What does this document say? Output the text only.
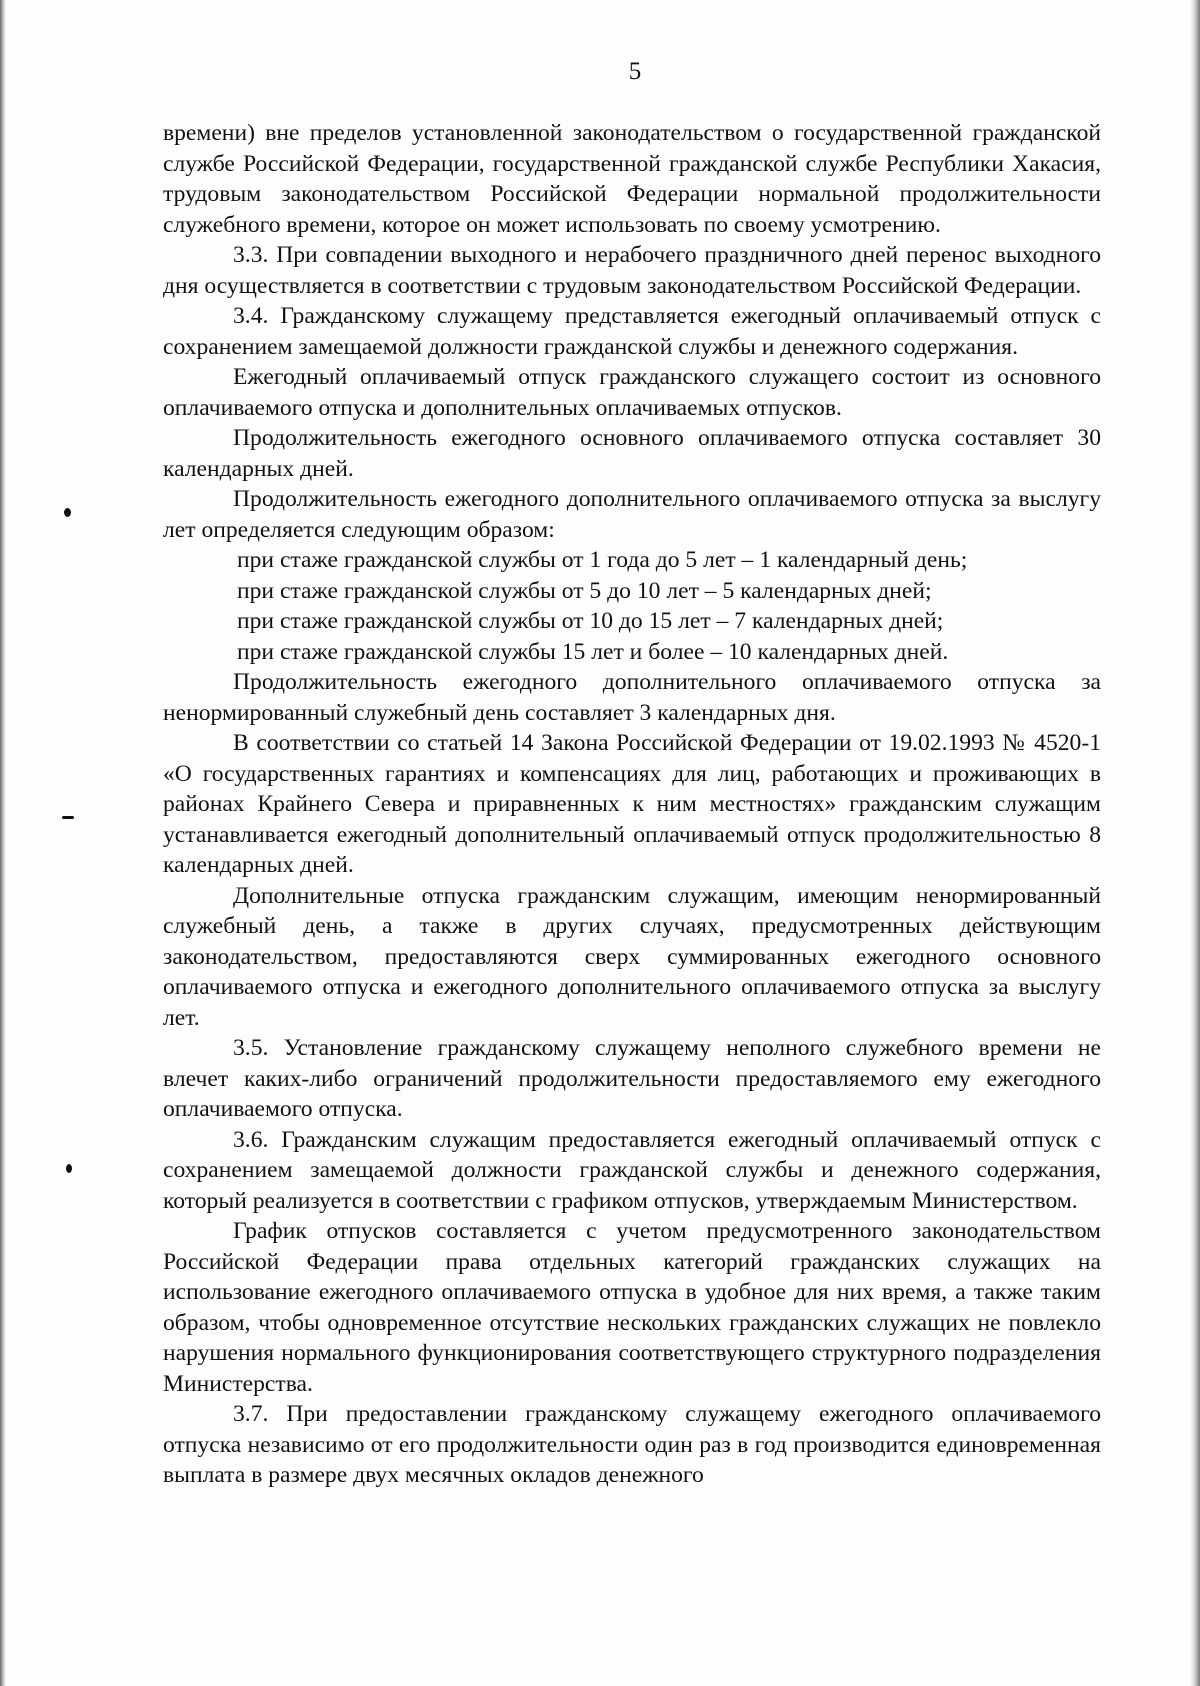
5

времени) вне пределов установленной законодательством о государственной гражданской службе Российской Федерации, государственной гражданской службе Республики Хакасия, трудовым законодательством Российской Федерации нормальной продолжительности служебного времени, которое он может использовать по своему усмотрению.

3.3. При совпадении выходного и нерабочего праздничного дней перенос выходного дня осуществляется в соответствии с трудовым законодательством Российской Федерации.

3.4. Гражданскому служащему представляется ежегодный оплачиваемый отпуск с сохранением замещаемой должности гражданской службы и денежного содержания.

Ежегодный оплачиваемый отпуск гражданского служащего состоит из основного оплачиваемого отпуска и дополнительных оплачиваемых отпусков.

Продолжительность ежегодного основного оплачиваемого отпуска составляет 30 календарных дней.

Продолжительность ежегодного дополнительного оплачиваемого отпуска за выслугу лет определяется следующим образом:

при стаже гражданской службы от 1 года до 5 лет – 1 календарный день;

при стаже гражданской службы от 5 до 10 лет – 5 календарных дней;

при стаже гражданской службы от 10 до 15 лет – 7 календарных дней;

при стаже гражданской службы 15 лет и более – 10 календарных дней.

Продолжительность ежегодного дополнительного оплачиваемого отпуска за ненормированный служебный день составляет 3 календарных дня.

В соответствии со статьей 14 Закона Российской Федерации от 19.02.1993 № 4520-1 «О государственных гарантиях и компенсациях для лиц, работающих и проживающих в районах Крайнего Севера и приравненных к ним местностях» гражданским служащим устанавливается ежегодный дополнительный оплачиваемый отпуск продолжительностью 8 календарных дней.

Дополнительные отпуска гражданским служащим, имеющим ненормированный служебный день, а также в других случаях, предусмотренных действующим законодательством, предоставляются сверх суммированных ежегодного основного оплачиваемого отпуска и ежегодного дополнительного оплачиваемого отпуска за выслугу лет.

3.5. Установление гражданскому служащему неполного служебного времени не влечет каких-либо ограничений продолжительности предоставляемого ему ежегодного оплачиваемого отпуска.

3.6. Гражданским служащим предоставляется ежегодный оплачиваемый отпуск с сохранением замещаемой должности гражданской службы и денежного содержания, который реализуется в соответствии с графиком отпусков, утверждаемым Министерством.

График отпусков составляется с учетом предусмотренного законодательством Российской Федерации права отдельных категорий гражданских служащих на использование ежегодного оплачиваемого отпуска в удобное для них время, а также таким образом, чтобы одновременное отсутствие нескольких гражданских служащих не повлекло нарушения нормального функционирования соответствующего структурного подразделения Министерства.

3.7. При предоставлении гражданскому служащему ежегодного оплачиваемого отпуска независимо от его продолжительности один раз в год производится единовременная выплата в размере двух месячных окладов денежного
